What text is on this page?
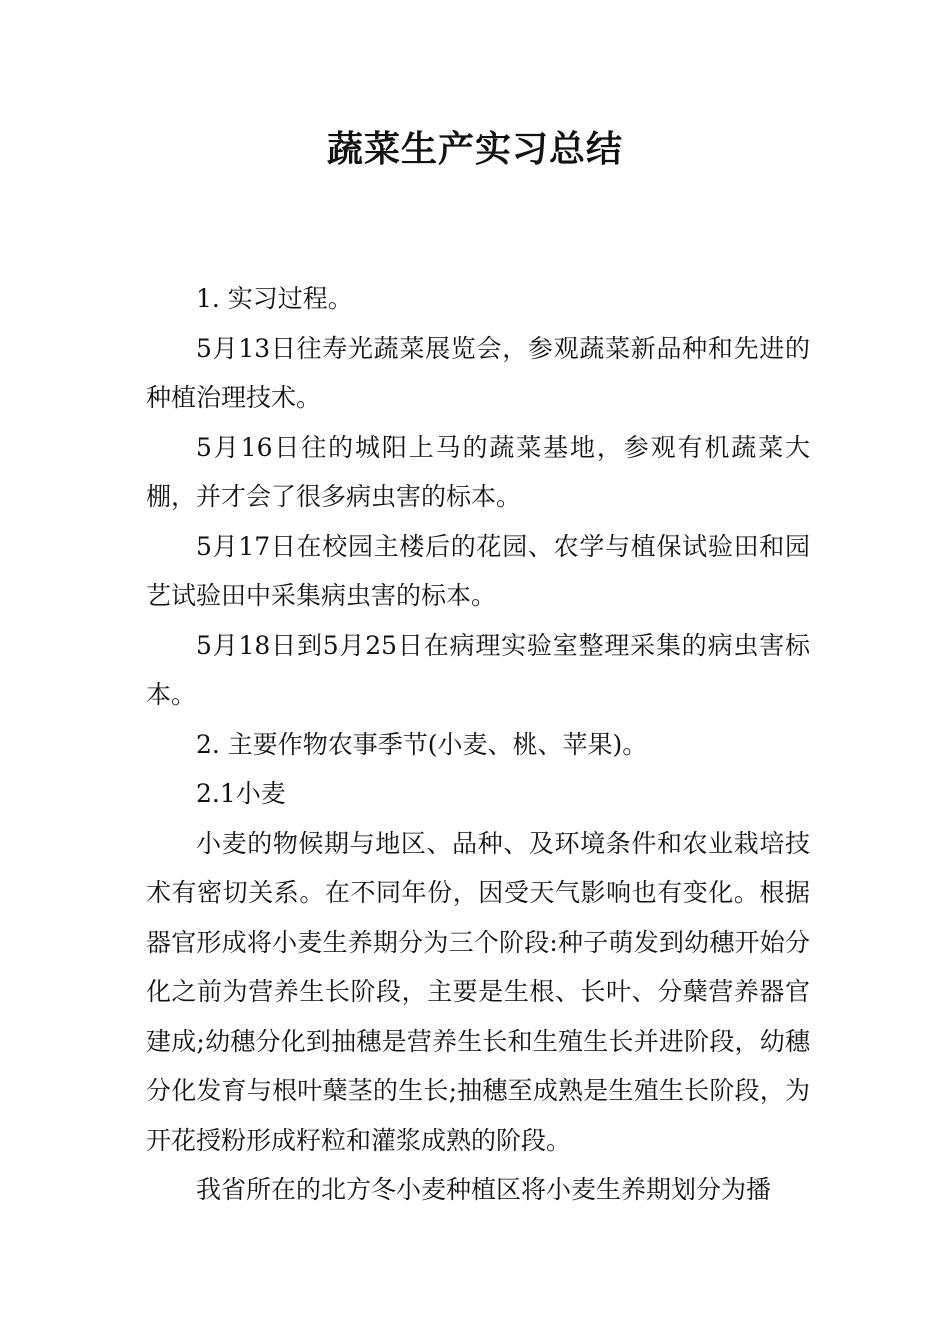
蔬菜生产实习总结

1. 实习过程。

5月13日往寿光蔬菜展览会，参观蔬菜新品种和先进的种植治理技术。

5月16日往的城阳上马的蔬菜基地，参观有机蔬菜大棚，并才会了很多病虫害的标本。

5月17日在校园主楼后的花园、农学与植保试验田和园艺试验田中采集病虫害的标本。

5月18日到5月25日在病理实验室整理采集的病虫害标本。

2. 主要作物农事季节(小麦、桃、苹果)。

2.1小麦

小麦的物候期与地区、品种、及环境条件和农业栽培技术有密切关系。在不同年份，因受天气影响也有变化。根据器官形成将小麦生养期分为三个阶段:种子萌发到幼穗开始分化之前为营养生长阶段，主要是生根、长叶、分蘖营养器官建成;幼穗分化到抽穗是营养生长和生殖生长并进阶段，幼穗分化发育与根叶蘖茎的生长;抽穗至成熟是生殖生长阶段，为开花授粉形成籽粒和灌浆成熟的阶段。

我省所在的北方冬小麦种植区将小麦生养期划分为播
